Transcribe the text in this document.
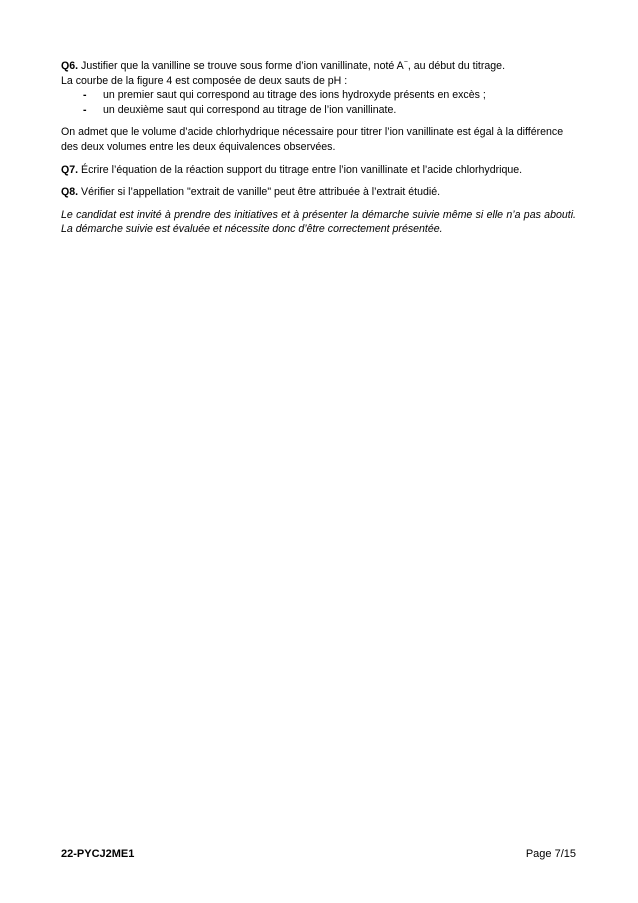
Q6. Justifier que la vanilline se trouve sous forme d’ion vanillinate, noté A−, au début du titrage.

La courbe de la figure 4 est composée de deux sauts de pH :

- un premier saut qui correspond au titrage des ions hydroxyde présents en excès ;
- un deuxième saut qui correspond au titrage de l’ion vanillinate.

On admet que le volume d’acide chlorhydrique nécessaire pour titrer l’ion vanillinate est égal à la différence des deux volumes entre les deux équivalences observées.

Q7. Écrire l’équation de la réaction support du titrage entre l’ion vanillinate et l’acide chlorhydrique.

Q8. Vérifier si l’appellation "extrait de vanille" peut être attribuée à l’extrait étudié.

Le candidat est invité à prendre des initiatives et à présenter la démarche suivie même si elle n’a pas abouti. La démarche suivie est évaluée et nécessite donc d’être correctement présentée.

22-PYCJ2ME1	Page 7/15
